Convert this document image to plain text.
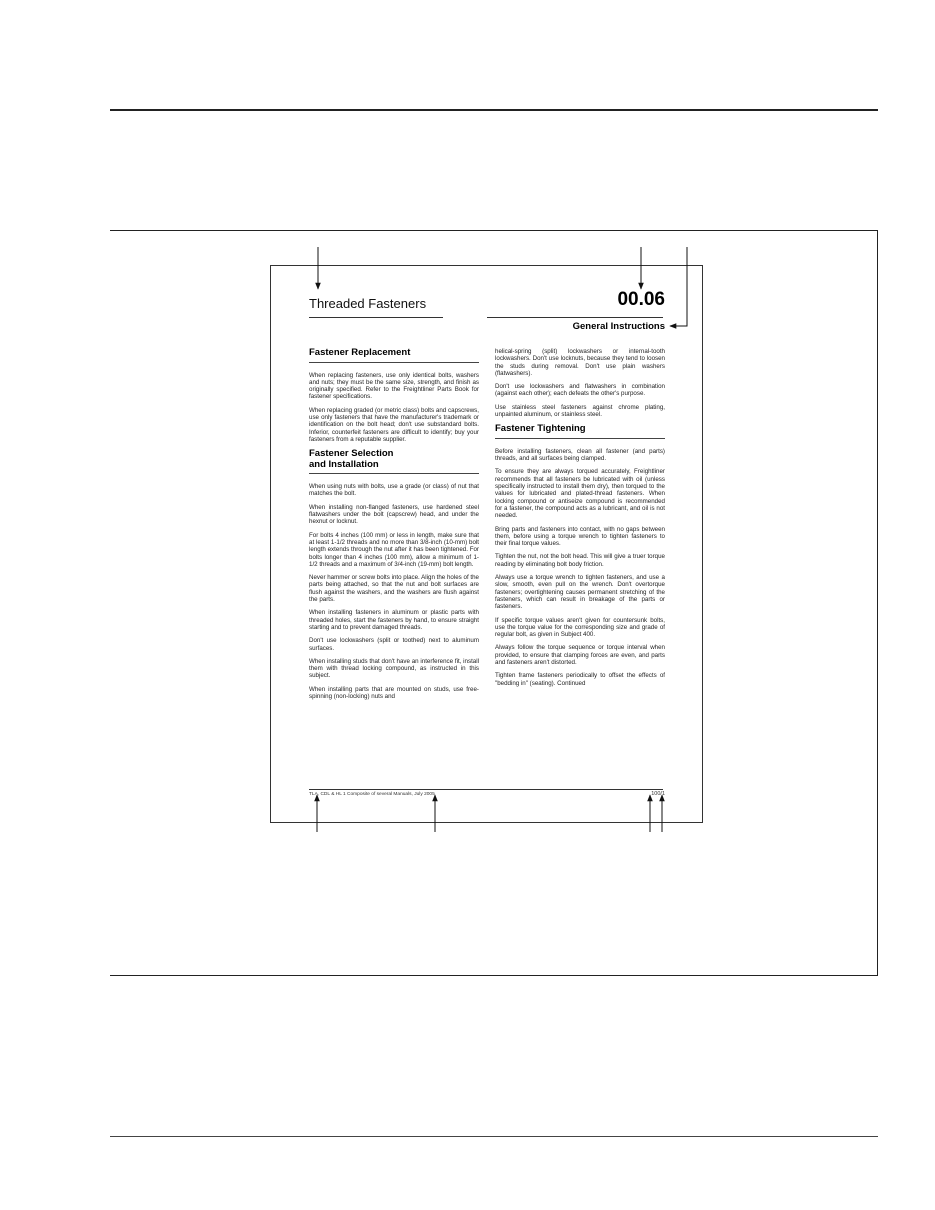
Threaded Fasteners	00.06
General Instructions
Fastener Replacement

When replacing fasteners, use only identical bolts, washers and nuts; they must be the same size, strength, and finish as originally specified. Refer to the Freightliner Parts Book for fastener specifications.

When replacing graded (or metric class) bolts and capscrews, use only fasteners that have the manufacturer's trademark or identification on the bolt head; don't use substandard bolts. Inferior, counterfeit fasteners are difficult to identify; buy your fasteners from a reputable supplier.

Fastener Selection
and Installation

When using nuts with bolts, use a grade (or class) of nut that matches the bolt.

When installing non-flanged fasteners, use hardened steel flatwashers under the bolt (capscrew) head, and under the hexnut or locknut.

For bolts 4 inches (100 mm) or less in length, make sure that at least 1-1/2 threads and no more than 3/8-inch (10-mm) bolt length extends through the nut after it has been tightened. For bolts longer than 4 inches (100 mm), allow a minimum of 1-1/2 threads and a maximum of 3/4-inch (19-mm) bolt length.

Never hammer or screw bolts into place. Align the holes of the parts being attached, so that the nut and bolt surfaces are flush against the washers, and the washers are flush against the parts.

When installing fasteners in aluminum or plastic parts with threaded holes, start the fasteners by hand, to ensure straight starting and to prevent damaged threads.

Don't use lockwashers (split or toothed) next to aluminum surfaces.

When installing studs that don't have an interference fit, install them with thread locking compound, as instructed in this subject.

When installing parts that are mounted on studs, use free-spinning (non-locking) nuts and

helical-spring (split) lockwashers or internal-tooth lockwashers. Don't use locknuts, because they tend to loosen the studs during removal. Don't use plain washers (flatwashers).

Don't use lockwashers and flatwashers in combination (against each other); each defeats the other's purpose.

Use stainless steel fasteners against chrome plating, unpainted aluminum, or stainless steel.

Fastener Tightening

Before installing fasteners, clean all fastener (and parts) threads, and all surfaces being clamped.

To ensure they are always torqued accurately, Freightliner recommends that all fasteners be lubricated with oil (unless specifically instructed to install them dry), then torqued to the values for lubricated and plated-thread fasteners. When locking compound or antiseize compound is recommended for a fastener, the compound acts as a lubricant, and oil is not needed.

Bring parts and fasteners into contact, with no gaps between them, before using a torque wrench to tighten fasteners to their final torque values.

Tighten the nut, not the bolt head. This will give a truer torque reading by eliminating bolt body friction.

Always use a torque wrench to tighten fasteners, and use a slow, smooth, even pull on the wrench. Don't overtorque fasteners; overtightening causes permanent stretching of the fasteners, which can result in breakage of the parts or fasteners.

If specific torque values aren't given for countersunk bolts, use the torque value for the corresponding size and grade of regular bolt, as given in Subject 400.

Always follow the torque sequence or torque interval when provided, to ensure that clamping forces are even, and parts and fasteners aren't distorted.

Tighten frame fasteners periodically to offset the effects of "bedding in" (seating). Continued

TLA, CDL & HL 1 Composite of several Manuals, July 2005	100/1
